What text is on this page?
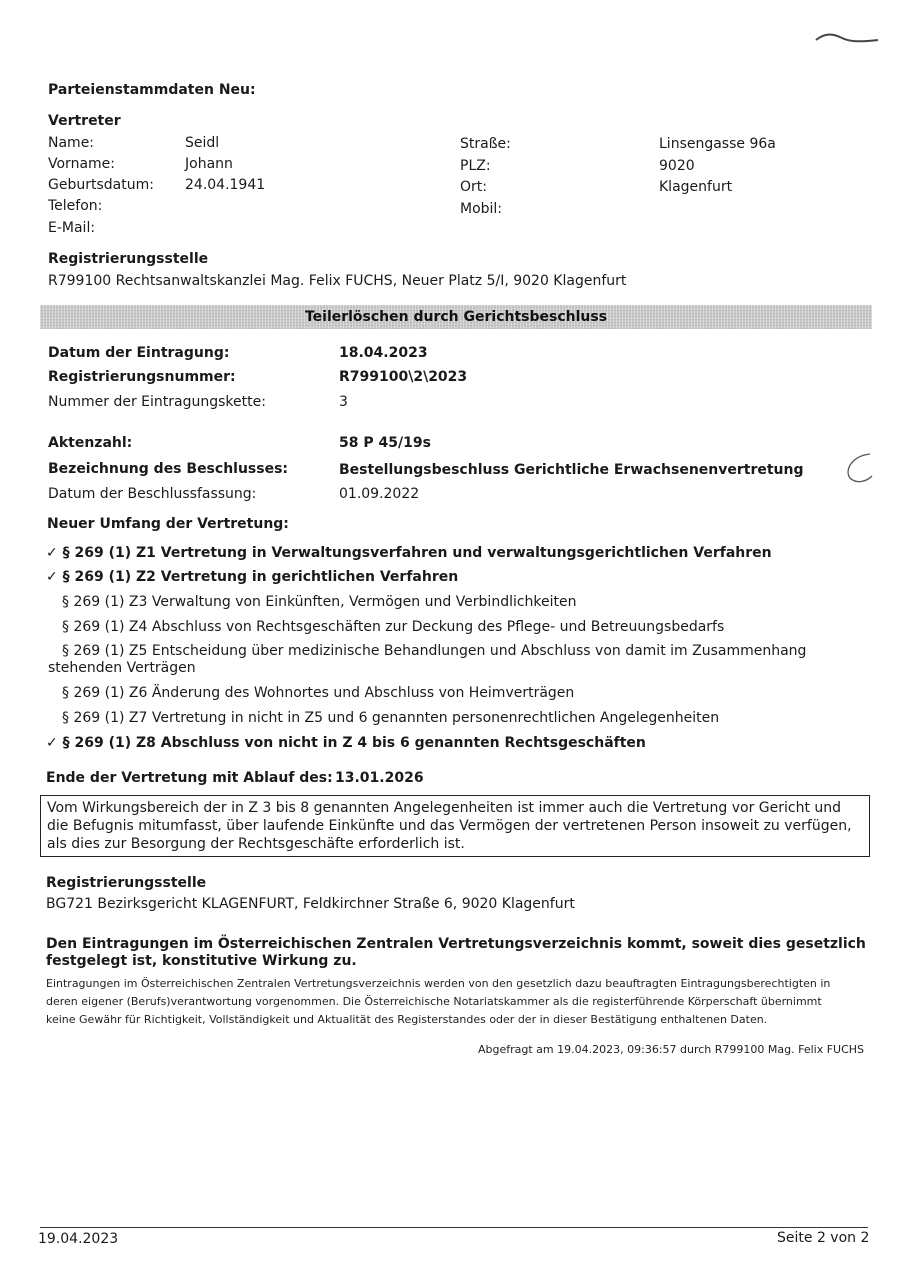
Parteienstammdaten Neu:
Vertreter
Name:	Seidl
Vorname:	Johann
Geburtsdatum: 24.04.1941
Telefon:
E-Mail:
Straße:	Linsengasse 96a
PLZ:	9020
Ort:	Klagenfurt
Mobil:
Registrierungsstelle
R799100 Rechtsanwaltskanzlei Mag. Felix FUCHS, Neuer Platz 5/I, 9020 Klagenfurt
Teilerlöschen durch Gerichtsbeschluss
Datum der Eintragung:	18.04.2023
Registrierungsnummer:	R799100\2\2023
Nummer der Eintragungskette:	3
Aktenzahl:	58 P 45/19s
Bezeichnung des Beschlusses:	Bestellungsbeschluss Gerichtliche Erwachsenenvertretung
Datum der Beschlussfassung:	01.09.2022
Neuer Umfang der Vertretung:
✓ § 269 (1) Z1 Vertretung in Verwaltungsverfahren und verwaltungsgerichtlichen Verfahren
✓ § 269 (1) Z2 Vertretung in gerichtlichen Verfahren
§ 269 (1) Z3 Verwaltung von Einkünften, Vermögen und Verbindlichkeiten
§ 269 (1) Z4 Abschluss von Rechtsgeschäften zur Deckung des Pflege- und Betreuungsbedarfs
§ 269 (1) Z5 Entscheidung über medizinische Behandlungen und Abschluss von damit im Zusammenhang
stehenden Verträgen
§ 269 (1) Z6 Änderung des Wohnortes und Abschluss von Heimverträgen
§ 269 (1) Z7 Vertretung in nicht in Z5 und 6 genannten personenrechtlichen Angelegenheiten
✓ § 269 (1) Z8 Abschluss von nicht in Z 4 bis 6 genannten Rechtsgeschäften
Ende der Vertretung mit Ablauf des: 13.01.2026
Vom Wirkungsbereich der in Z 3 bis 8 genannten Angelegenheiten ist immer auch die Vertretung vor Gericht und
die Befugnis mitumfasst, über laufende Einkünfte und das Vermögen der vertretenen Person insoweit zu verfügen,
als dies zur Besorgung der Rechtsgeschäfte erforderlich ist.
Registrierungsstelle
BG721 Bezirksgericht KLAGENFURT, Feldkirchner Straße 6, 9020 Klagenfurt
Den Eintragungen im Österreichischen Zentralen Vertretungsverzeichnis kommt, soweit dies gesetzlich
festgelegt ist, konstitutive Wirkung zu.
Eintragungen im Österreichischen Zentralen Vertretungsverzeichnis werden von den gesetzlich dazu beauftragten Eintragungsberechtigten in
deren eigener (Berufs)verantwortung vorgenommen. Die Österreichische Notariatskammer als die registerführende Körperschaft übernimmt
keine Gewähr für Richtigkeit, Vollständigkeit und Aktualität des Registerstandes oder der in dieser Bestätigung enthaltenen Daten.
Abgefragt am 19.04.2023, 09:36:57 durch R799100 Mag. Felix FUCHS
19.04.2023	Seite 2 von 2
